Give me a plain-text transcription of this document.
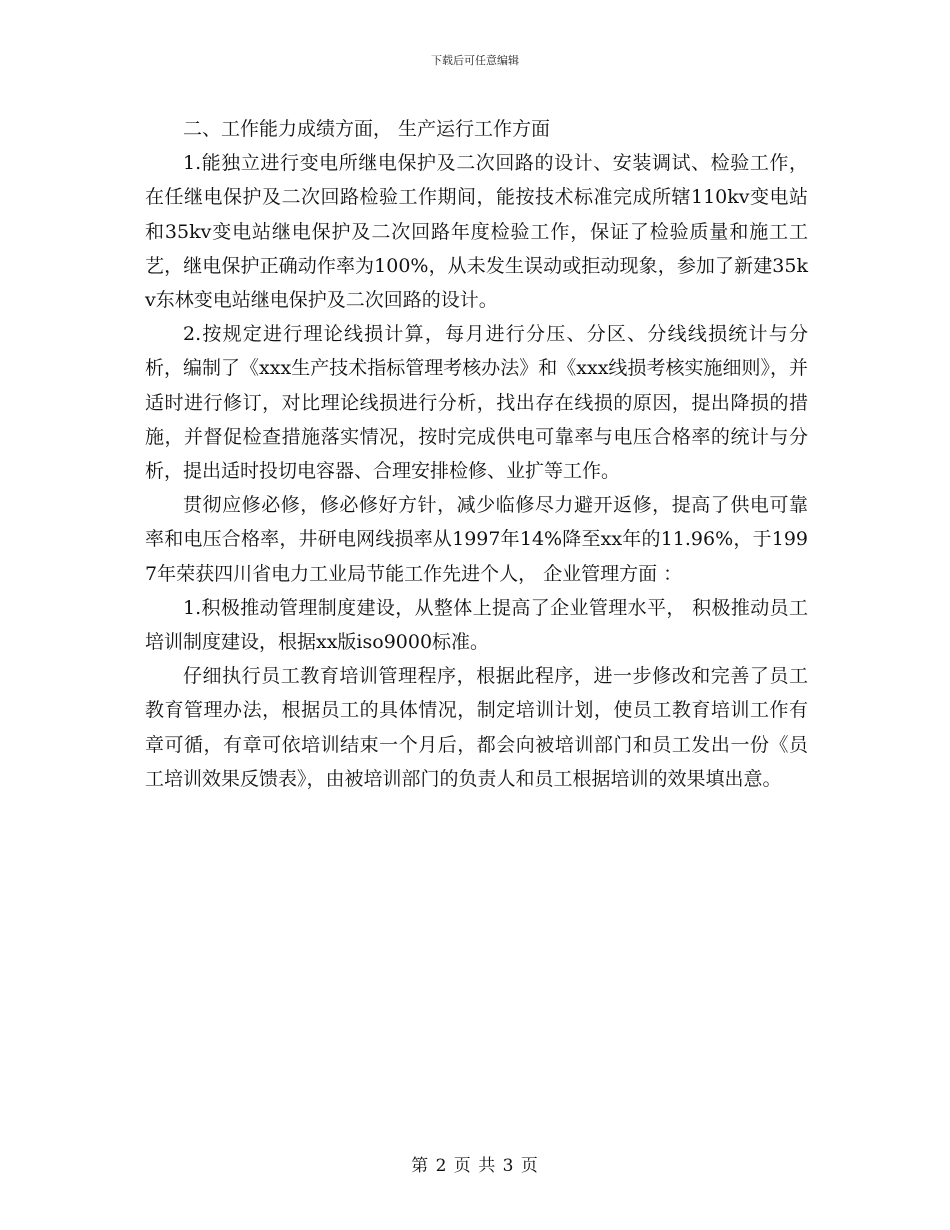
下载后可任意编辑

二、工作能力成绩方面， 生产运行工作方面

1.能独立进行变电所继电保护及二次回路的设计、安装调试、检验工作，在任继电保护及二次回路检验工作期间，能按技术标准完成所辖110kv变电站和35kv变电站继电保护及二次回路年度检验工作，保证了检验质量和施工工艺，继电保护正确动作率为100%，从未发生误动或拒动现象，参加了新建35kv东林变电站继电保护及二次回路的设计。

2.按规定进行理论线损计算，每月进行分压、分区、分线线损统计与分析，编制了《xxx生产技术指标管理考核办法》和《xxx线损考核实施细则》，并适时进行修订，对比理论线损进行分析，找出存在线损的原因，提出降损的措施，并督促检查措施落实情况，按时完成供电可靠率与电压合格率的统计与分析，提出适时投切电容器、合理安排检修、业扩等工作。

贯彻应修必修，修必修好方针，减少临修尽力避开返修，提高了供电可靠率和电压合格率，井研电网线损率从1997年14%降至xx年的11.96%，于1997年荣获四川省电力工业局节能工作先进个人， 企业管理方面 ：

1.积极推动管理制度建设，从整体上提高了企业管理水平， 积极推动员工培训制度建设，根据xx版iso9000标准。

仔细执行员工教育培训管理程序，根据此程序，进一步修改和完善了员工教育管理办法，根据员工的具体情况，制定培训计划，使员工教育培训工作有章可循，有章可依培训结束一个月后，都会向被培训部门和员工发出一份《员工培训效果反馈表》，由被培训部门的负责人和员工根据培训的效果填出意。

第 2 页 共 3 页
